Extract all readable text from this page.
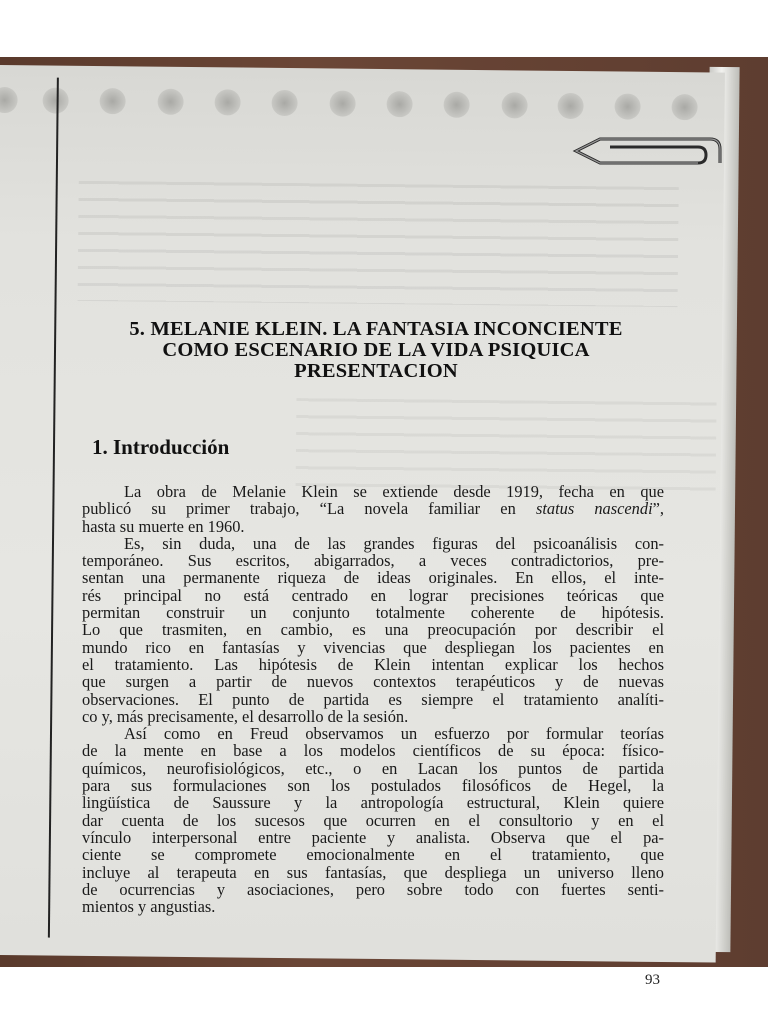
5. MELANIE KLEIN. LA FANTASIA INCONCIENTE
COMO ESCENARIO DE LA VIDA PSIQUICA
PRESENTACION
1. Introducción
La obra de Melanie Klein se extiende desde 1919, fecha en que
publicó su primer trabajo, “La novela familiar en status nascendi”,
hasta su muerte en 1960.
Es, sin duda, una de las grandes figuras del psicoanálisis con-
temporáneo. Sus escritos, abigarrados, a veces contradictorios, pre-
sentan una permanente riqueza de ideas originales. En ellos, el inte-
rés principal no está centrado en lograr precisiones teóricas que
permitan construir un conjunto totalmente coherente de hipótesis.
Lo que trasmiten, en cambio, es una preocupación por describir el
mundo rico en fantasías y vivencias que despliegan los pacientes en
el tratamiento. Las hipótesis de Klein intentan explicar los hechos
que surgen a partir de nuevos contextos terapéuticos y de nuevas
observaciones. El punto de partida es siempre el tratamiento analíti-
co y, más precisamente, el desarrollo de la sesión.
Así como en Freud observamos un esfuerzo por formular teorías
de la mente en base a los modelos científicos de su época: físico-
químicos, neurofisiológicos, etc., o en Lacan los puntos de partida
para sus formulaciones son los postulados filosóficos de Hegel, la
lingüística de Saussure y la antropología estructural, Klein quiere
dar cuenta de los sucesos que ocurren en el consultorio y en el
vínculo interpersonal entre paciente y analista. Observa que el pa-
ciente se compromete emocionalmente en el tratamiento, que
incluye al terapeuta en sus fantasías, que despliega un universo lleno
de ocurrencias y asociaciones, pero sobre todo con fuertes senti-
mientos y angustias.
93
